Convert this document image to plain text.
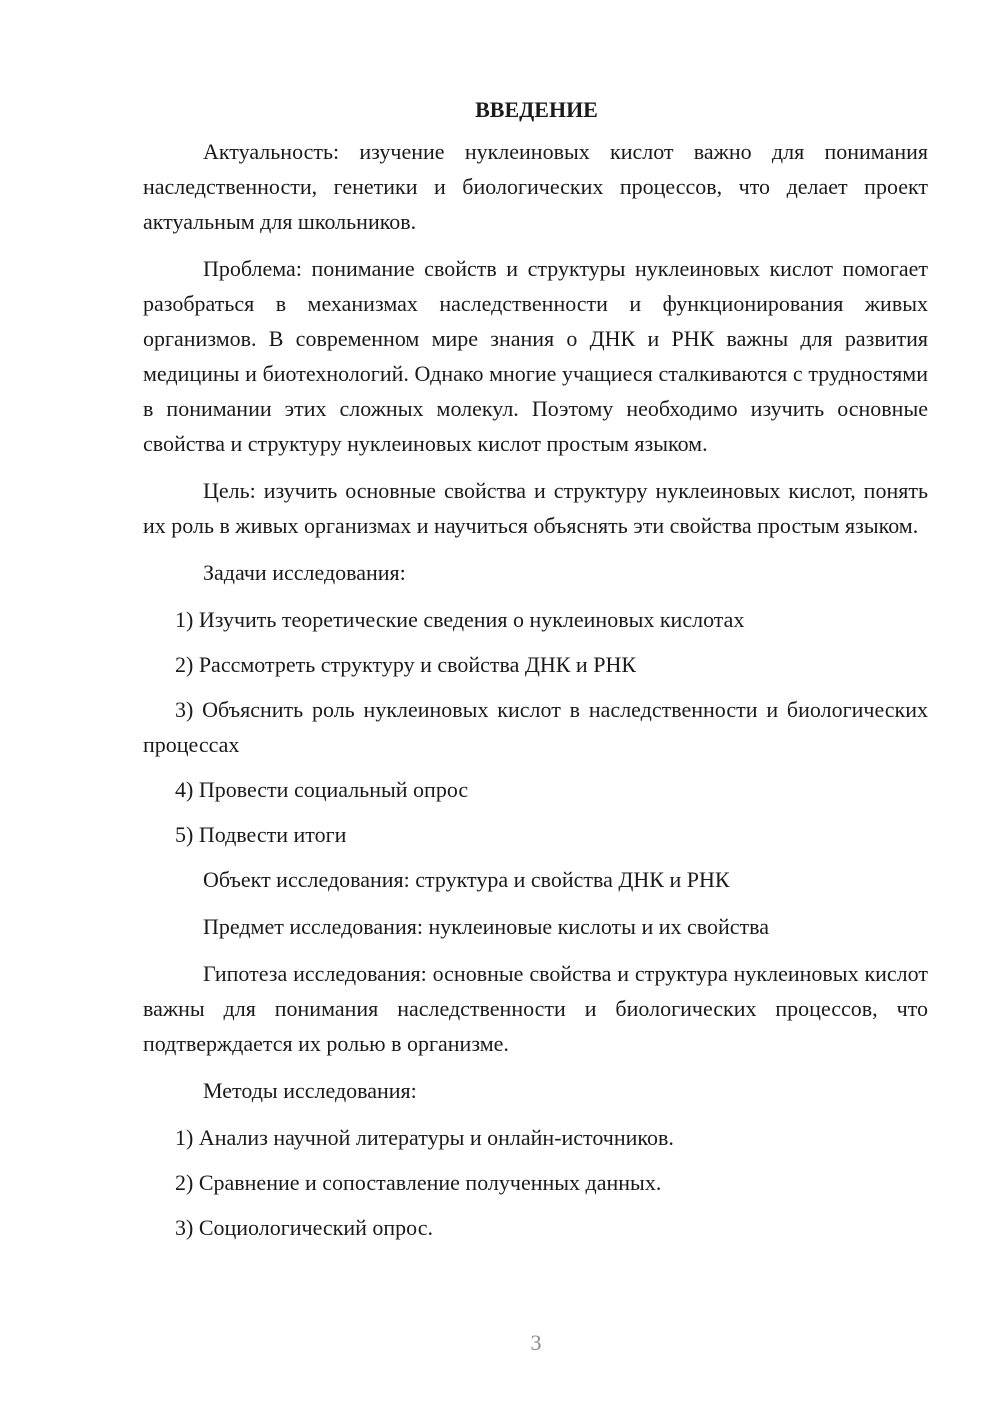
ВВЕДЕНИЕ

Актуальность: изучение нуклеиновых кислот важно для понимания наследственности, генетики и биологических процессов, что делает проект актуальным для школьников.

Проблема: понимание свойств и структуры нуклеиновых кислот помогает разобраться в механизмах наследственности и функционирования живых организмов. В современном мире знания о ДНК и РНК важны для развития медицины и биотехнологий. Однако многие учащиеся сталкиваются с трудностями в понимании этих сложных молекул. Поэтому необходимо изучить основные свойства и структуру нуклеиновых кислот простым языком.

Цель: изучить основные свойства и структуру нуклеиновых кислот, понять их роль в живых организмах и научиться объяснять эти свойства простым языком.

Задачи исследования:

1) Изучить теоретические сведения о нуклеиновых кислотах

2) Рассмотреть структуру и свойства ДНК и РНК

3) Объяснить роль нуклеиновых кислот в наследственности и биологических процессах

4) Провести социальный опрос

5) Подвести итоги

Объект исследования: структура и свойства ДНК и РНК

Предмет исследования: нуклеиновые кислоты и их свойства

Гипотеза исследования: основные свойства и структура нуклеиновых кислот важны для понимания наследственности и биологических процессов, что подтверждается их ролью в организме.

Методы исследования:

1) Анализ научной литературы и онлайн-источников.

2) Сравнение и сопоставление полученных данных.

3) Социологический опрос.

3
